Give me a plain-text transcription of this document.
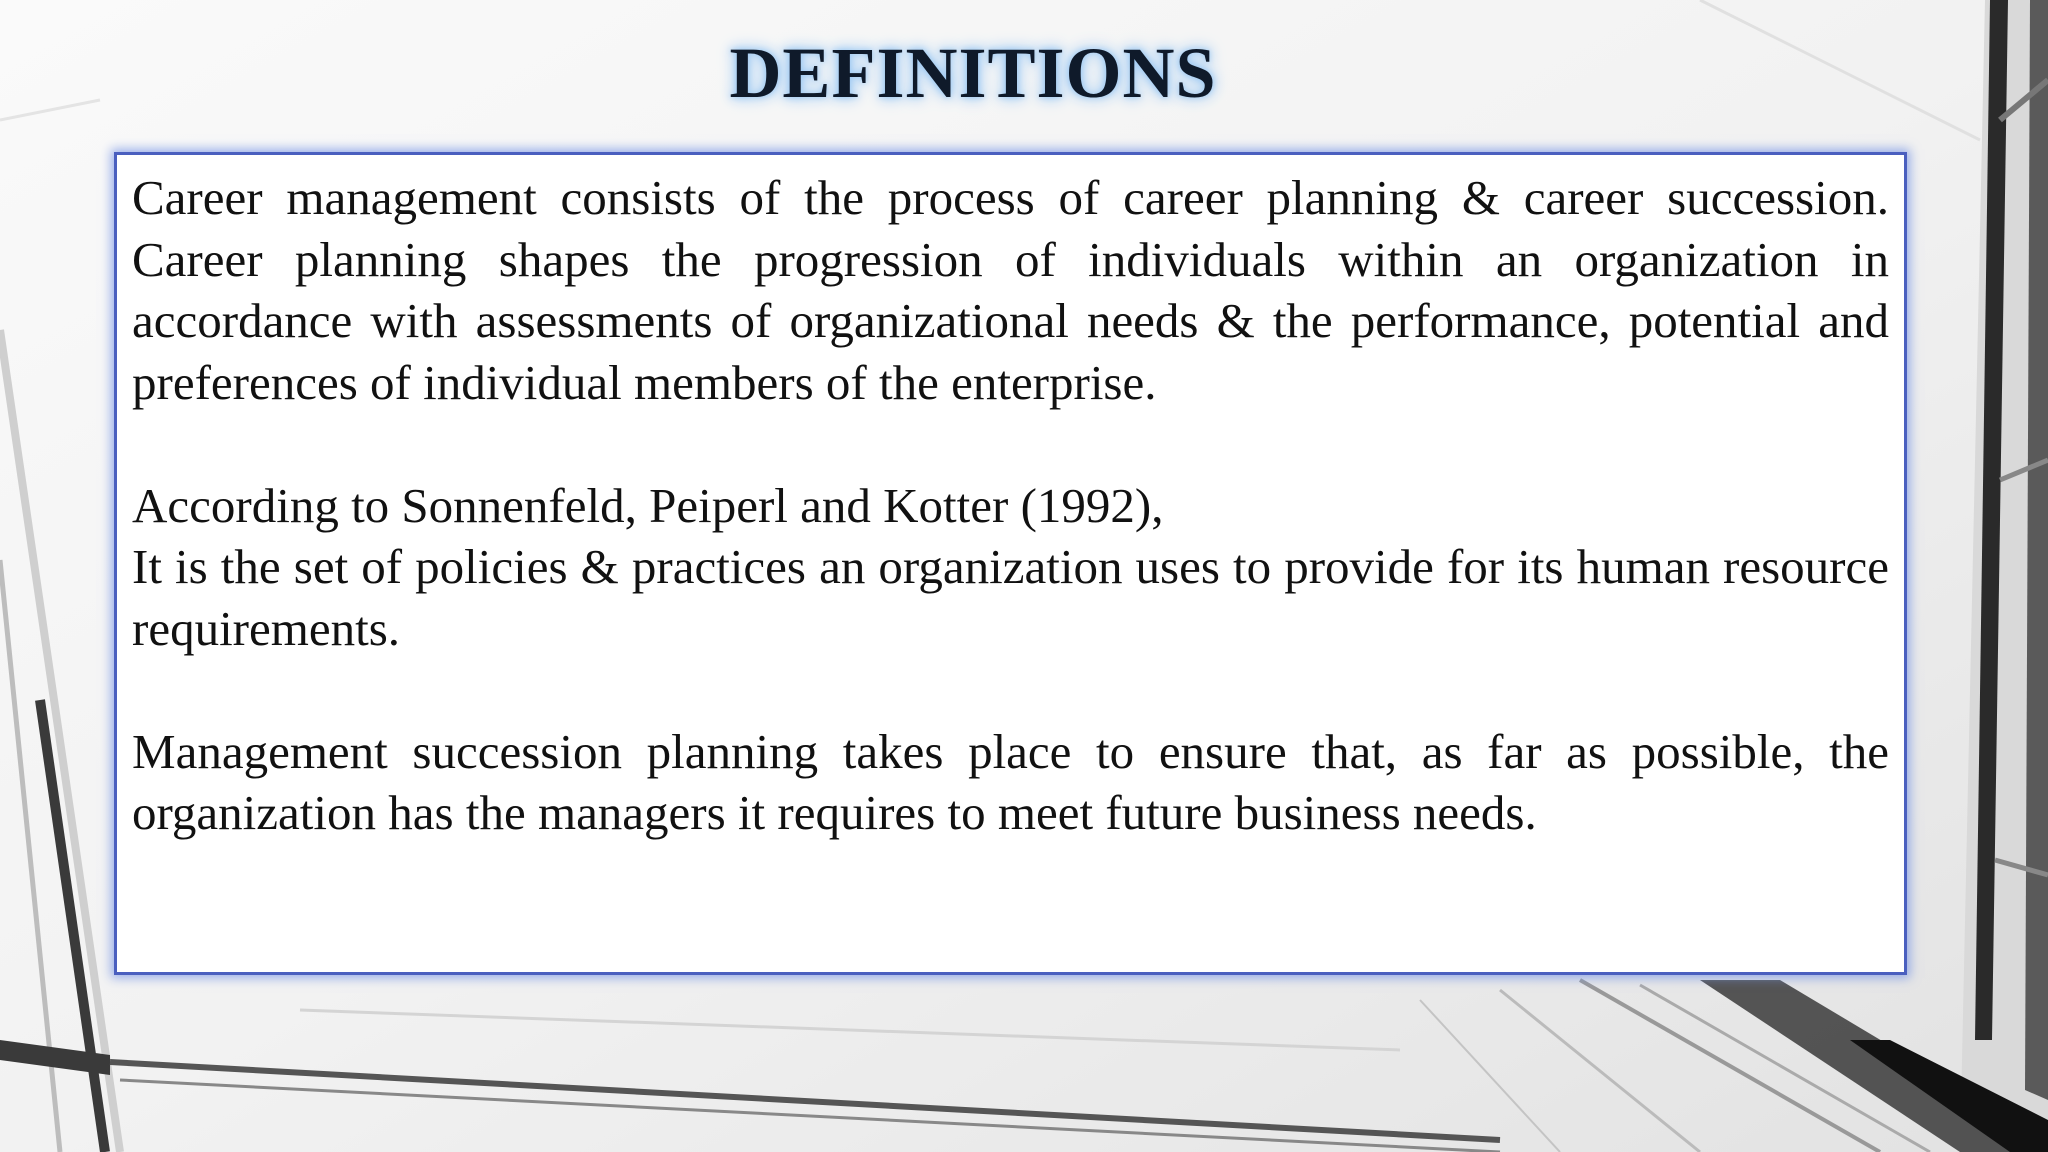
DEFINITIONS

Career management consists of the process of career planning & career succession. Career planning shapes the progression of individuals within an organization in accordance with assessments of organizational needs & the performance, potential and preferences of individual members of the enterprise.

According to Sonnenfeld, Peiperl and Kotter (1992),

It is the set of policies & practices an organization uses to provide for its human resource requirements.

Management succession planning takes place to ensure that, as far as possible, the organization has the managers it requires to meet future business needs.
